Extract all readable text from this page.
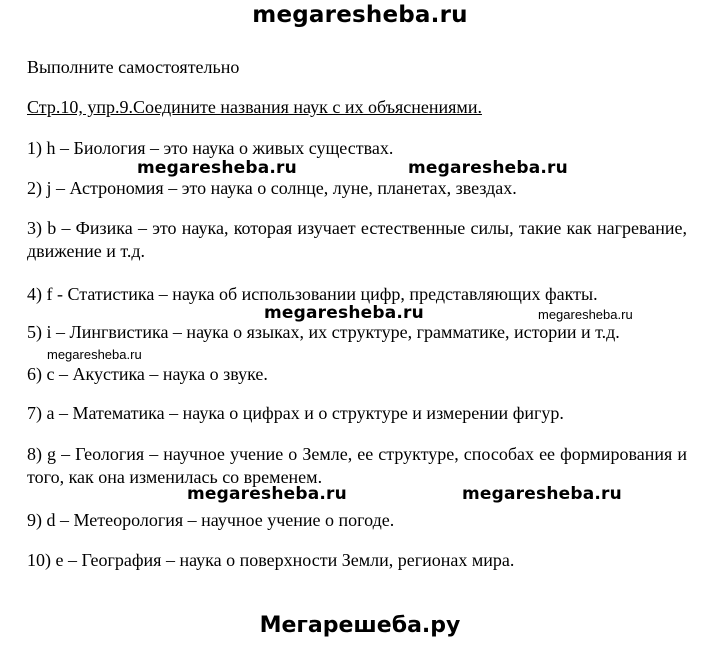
megaresheba.ru

Выполните самостоятельно

Стр.10, упр.9.Соедините названия наук с их объяснениями.

1) h – Биология – это наука о живых существах.

2) j – Астрономия – это наука о солнце, луне, планетах, звездах.

3) b – Физика – это наука, которая изучает естественные силы, такие как нагревание, движение и т.д.

4) f - Статистика – наука об использовании цифр, представляющих факты.

5) i – Лингвистика – наука о языках, их структуре, грамматике, истории и т.д.

6) c – Акустика – наука о звуке.

7) a – Математика – наука о цифрах и о структуре и измерении фигур.

8) g – Геология – научное учение о Земле, ее структуре, способах ее формирования и того, как она изменилась со временем.

9) d – Метеорология – научное учение о погоде.

10) e – География – наука о поверхности Земли, регионах мира.

megaresheba.ru	megaresheba.ru
megaresheba.ru	megaresheba.ru
megaresheba.ru
megaresheba.ru	megaresheba.ru
Мегарешеба.ру
